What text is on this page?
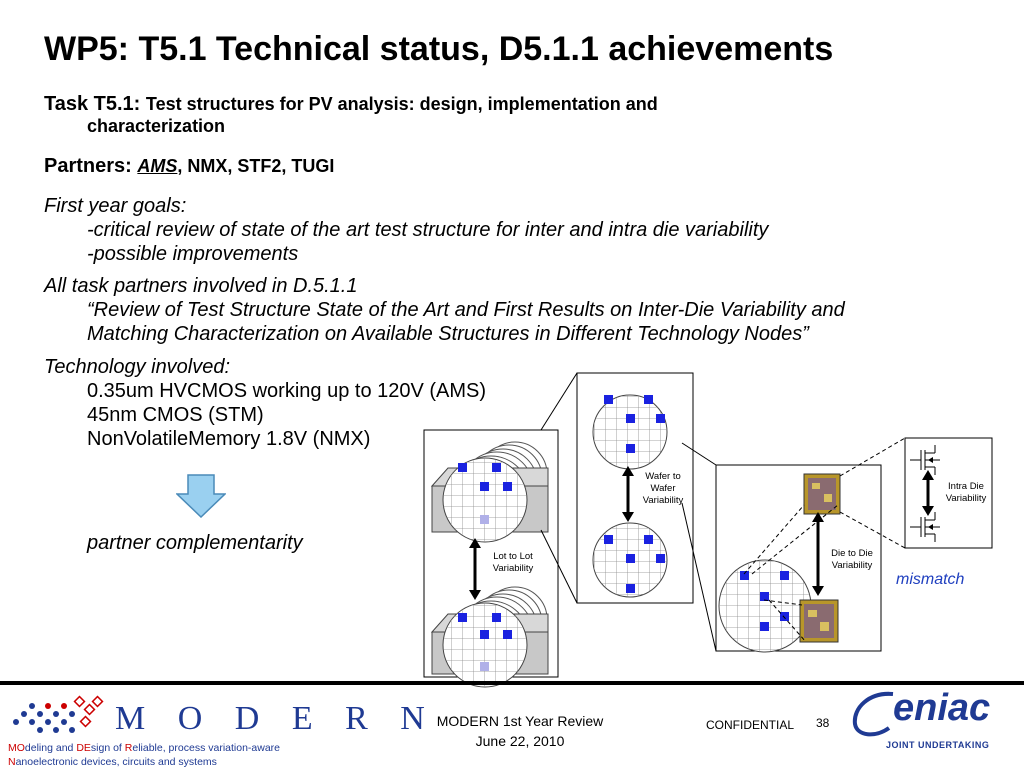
WP5: T5.1 Technical status, D5.1.1 achievements
Task T5.1: Test structures for PV analysis: design, implementation and
characterization
Partners: AMS, NMX, STF2, TUGI
First year goals:
-critical review of state of the art test structure for inter and intra die variability
-possible improvements
All task partners involved in D.5.1.1
“Review of Test Structure State of the Art and First Results on Inter-Die Variability and
Matching Characterization on Available Structures in Different Technology Nodes”
Technology involved:
0.35um HVCMOS working up to 120V (AMS)
45nm CMOS (STM)
NonVolatileMemory 1.8V (NMX)
partner complementarity
Lot to Lot
Variability
Wafer to
Wafer
Variability
Die to Die
Variability
Intra Die
Variability
mismatch
M O D E R N
MOdeling and DEsign of Reliable, process variation-aware
Nanoelectronic devices, circuits and systems
MODERN 1st Year Review
June 22, 2010
CONFIDENTIAL 38 eniac
JOINT UNDERTAKING
